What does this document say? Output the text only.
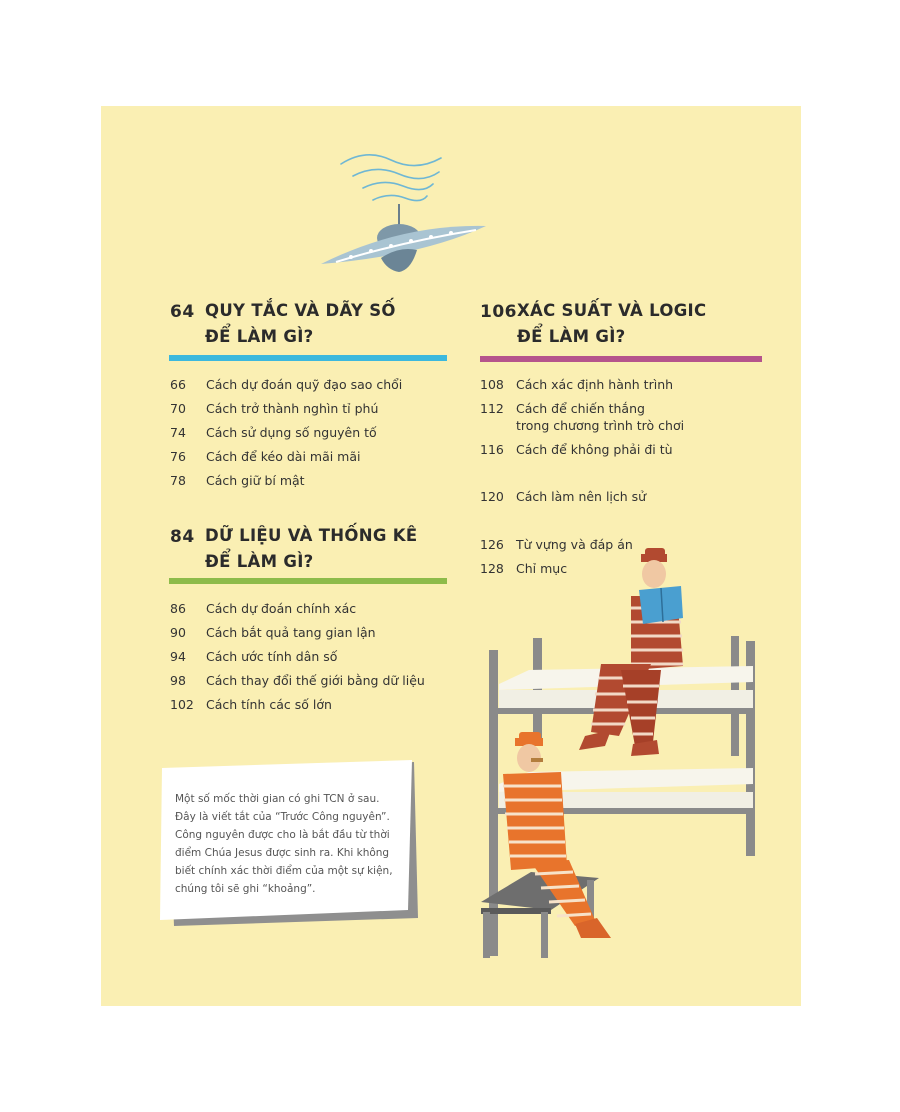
64 QUY TẮC VÀ DÃY SỐ
ĐỂ LÀM GÌ?
66	Cách dự đoán quỹ đạo sao chổi
70	Cách trở thành nghìn tỉ phú
74	Cách sử dụng số nguyên tố
76	Cách để kéo dài mãi mãi
78	Cách giữ bí mật
84 DỮ LIỆU VÀ THỐNG KÊ
ĐỂ LÀM GÌ?
86	Cách dự đoán chính xác
90	Cách bắt quả tang gian lận
94	Cách ước tính dân số
98	Cách thay đổi thế giới bằng dữ liệu
102 Cách tính các số lớn
106 XÁC SUẤT VÀ LOGIC
ĐỂ LÀM GÌ?
108 Cách xác định hành trình
112 Cách để chiến thắng
trong chương trình trò chơi
116 Cách để không phải đi tù
120 Cách làm nên lịch sử
126 Từ vựng và đáp án
128 Chỉ mục
Một số mốc thời gian có ghi TCN ở sau.
Đây là viết tắt của “Trước Công nguyên”.
Công nguyên được cho là bắt đầu từ thời
điểm Chúa Jesus được sinh ra. Khi không
biết chính xác thời điểm của một sự kiện,
chúng tôi sẽ ghi “khoảng”.
